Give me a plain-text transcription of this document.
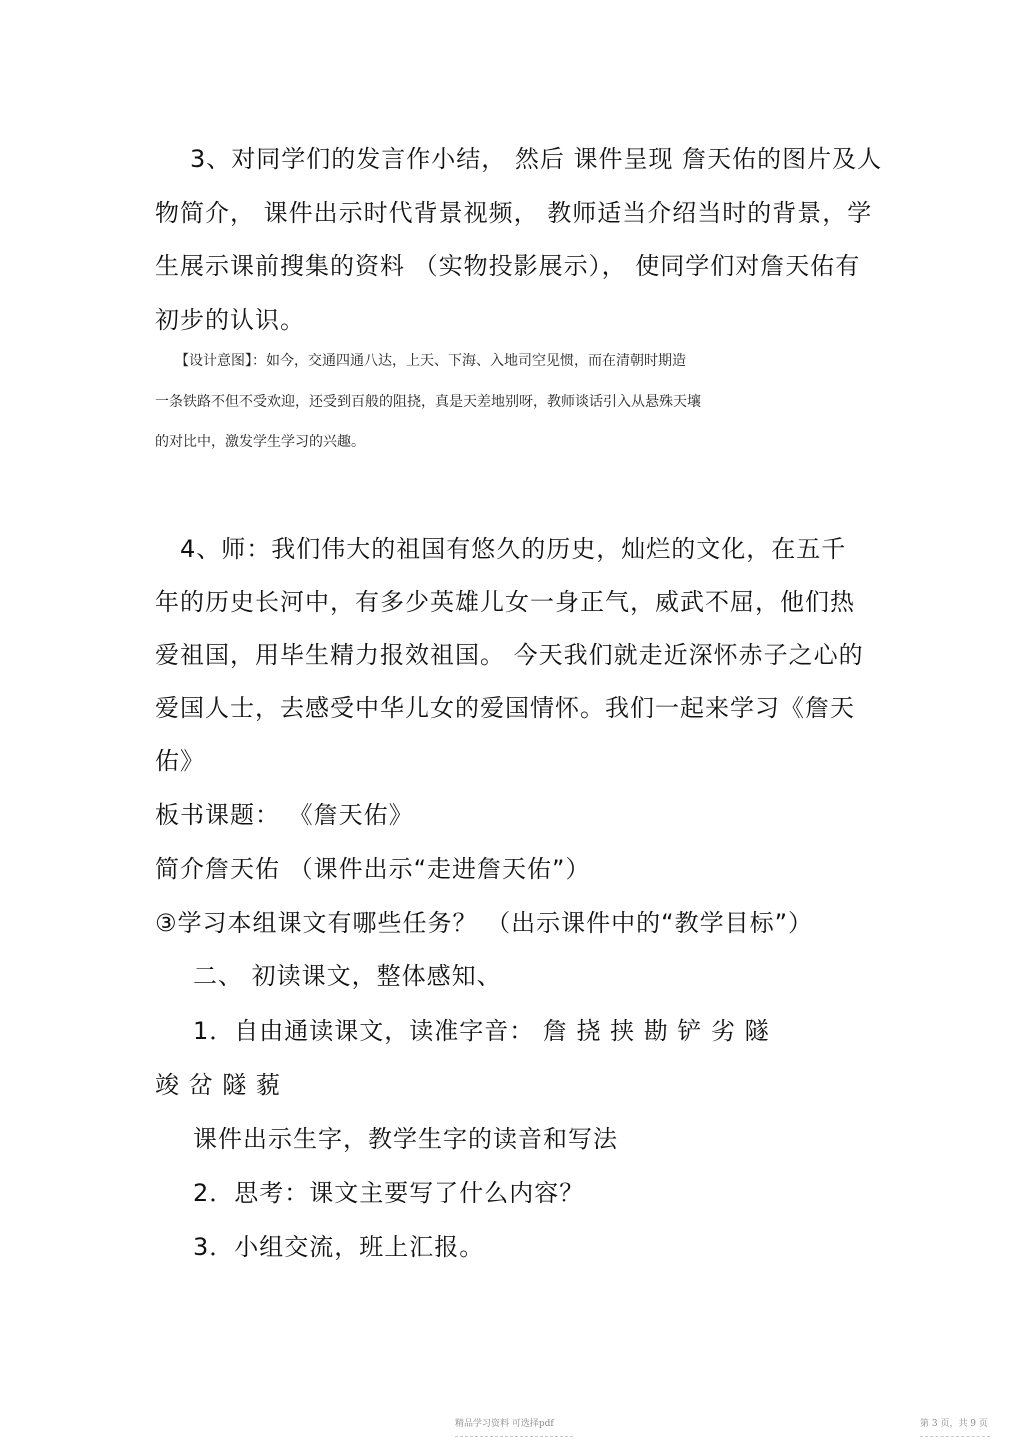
3、对同学们的发言作小结， 然后 课件呈现 詹天佑的图片及人
物简介， 课件出示时代背景视频， 教师适当介绍当时的背景，学
生展示课前搜集的资料 （实物投影展示）， 使同学们对詹天佑有
初步的认识。
【设计意图】：如今，交通四通八达，上天、下海、入地司空见惯，而在清朝时期造
一条铁路不但不受欢迎，还受到百般的阻挠，真是天差地别呀，教师谈话引入从悬殊天壤
的对比中，激发学生学习的兴趣。
4、师：我们伟大的祖国有悠久的历史，灿烂的文化，在五千
年的历史长河中，有多少英雄儿女一身正气，威武不屈，他们热
爱祖国，用毕生精力报效祖国。 今天我们就走近深怀赤子之心的
爱国人士，去感受中华儿女的爱国情怀。我们一起来学习《詹天
佑》
板书课题： 《詹天佑》
简介詹天佑 （课件出示“走进詹天佑”）
③学习本组课文有哪些任务？ （出示课件中的“教学目标”）
二、 初读课文，整体感知、
1．自由通读课文，读准字音： 詹 挠 挟 勘 铲 劣 隧
竣 岔 隧 藐
课件出示生字，教学生字的读音和写法
2．思考：课文主要写了什么内容？
3．小组交流，班上汇报。
精品学习资料 可选择pdf	第 3 页，共 9 页
